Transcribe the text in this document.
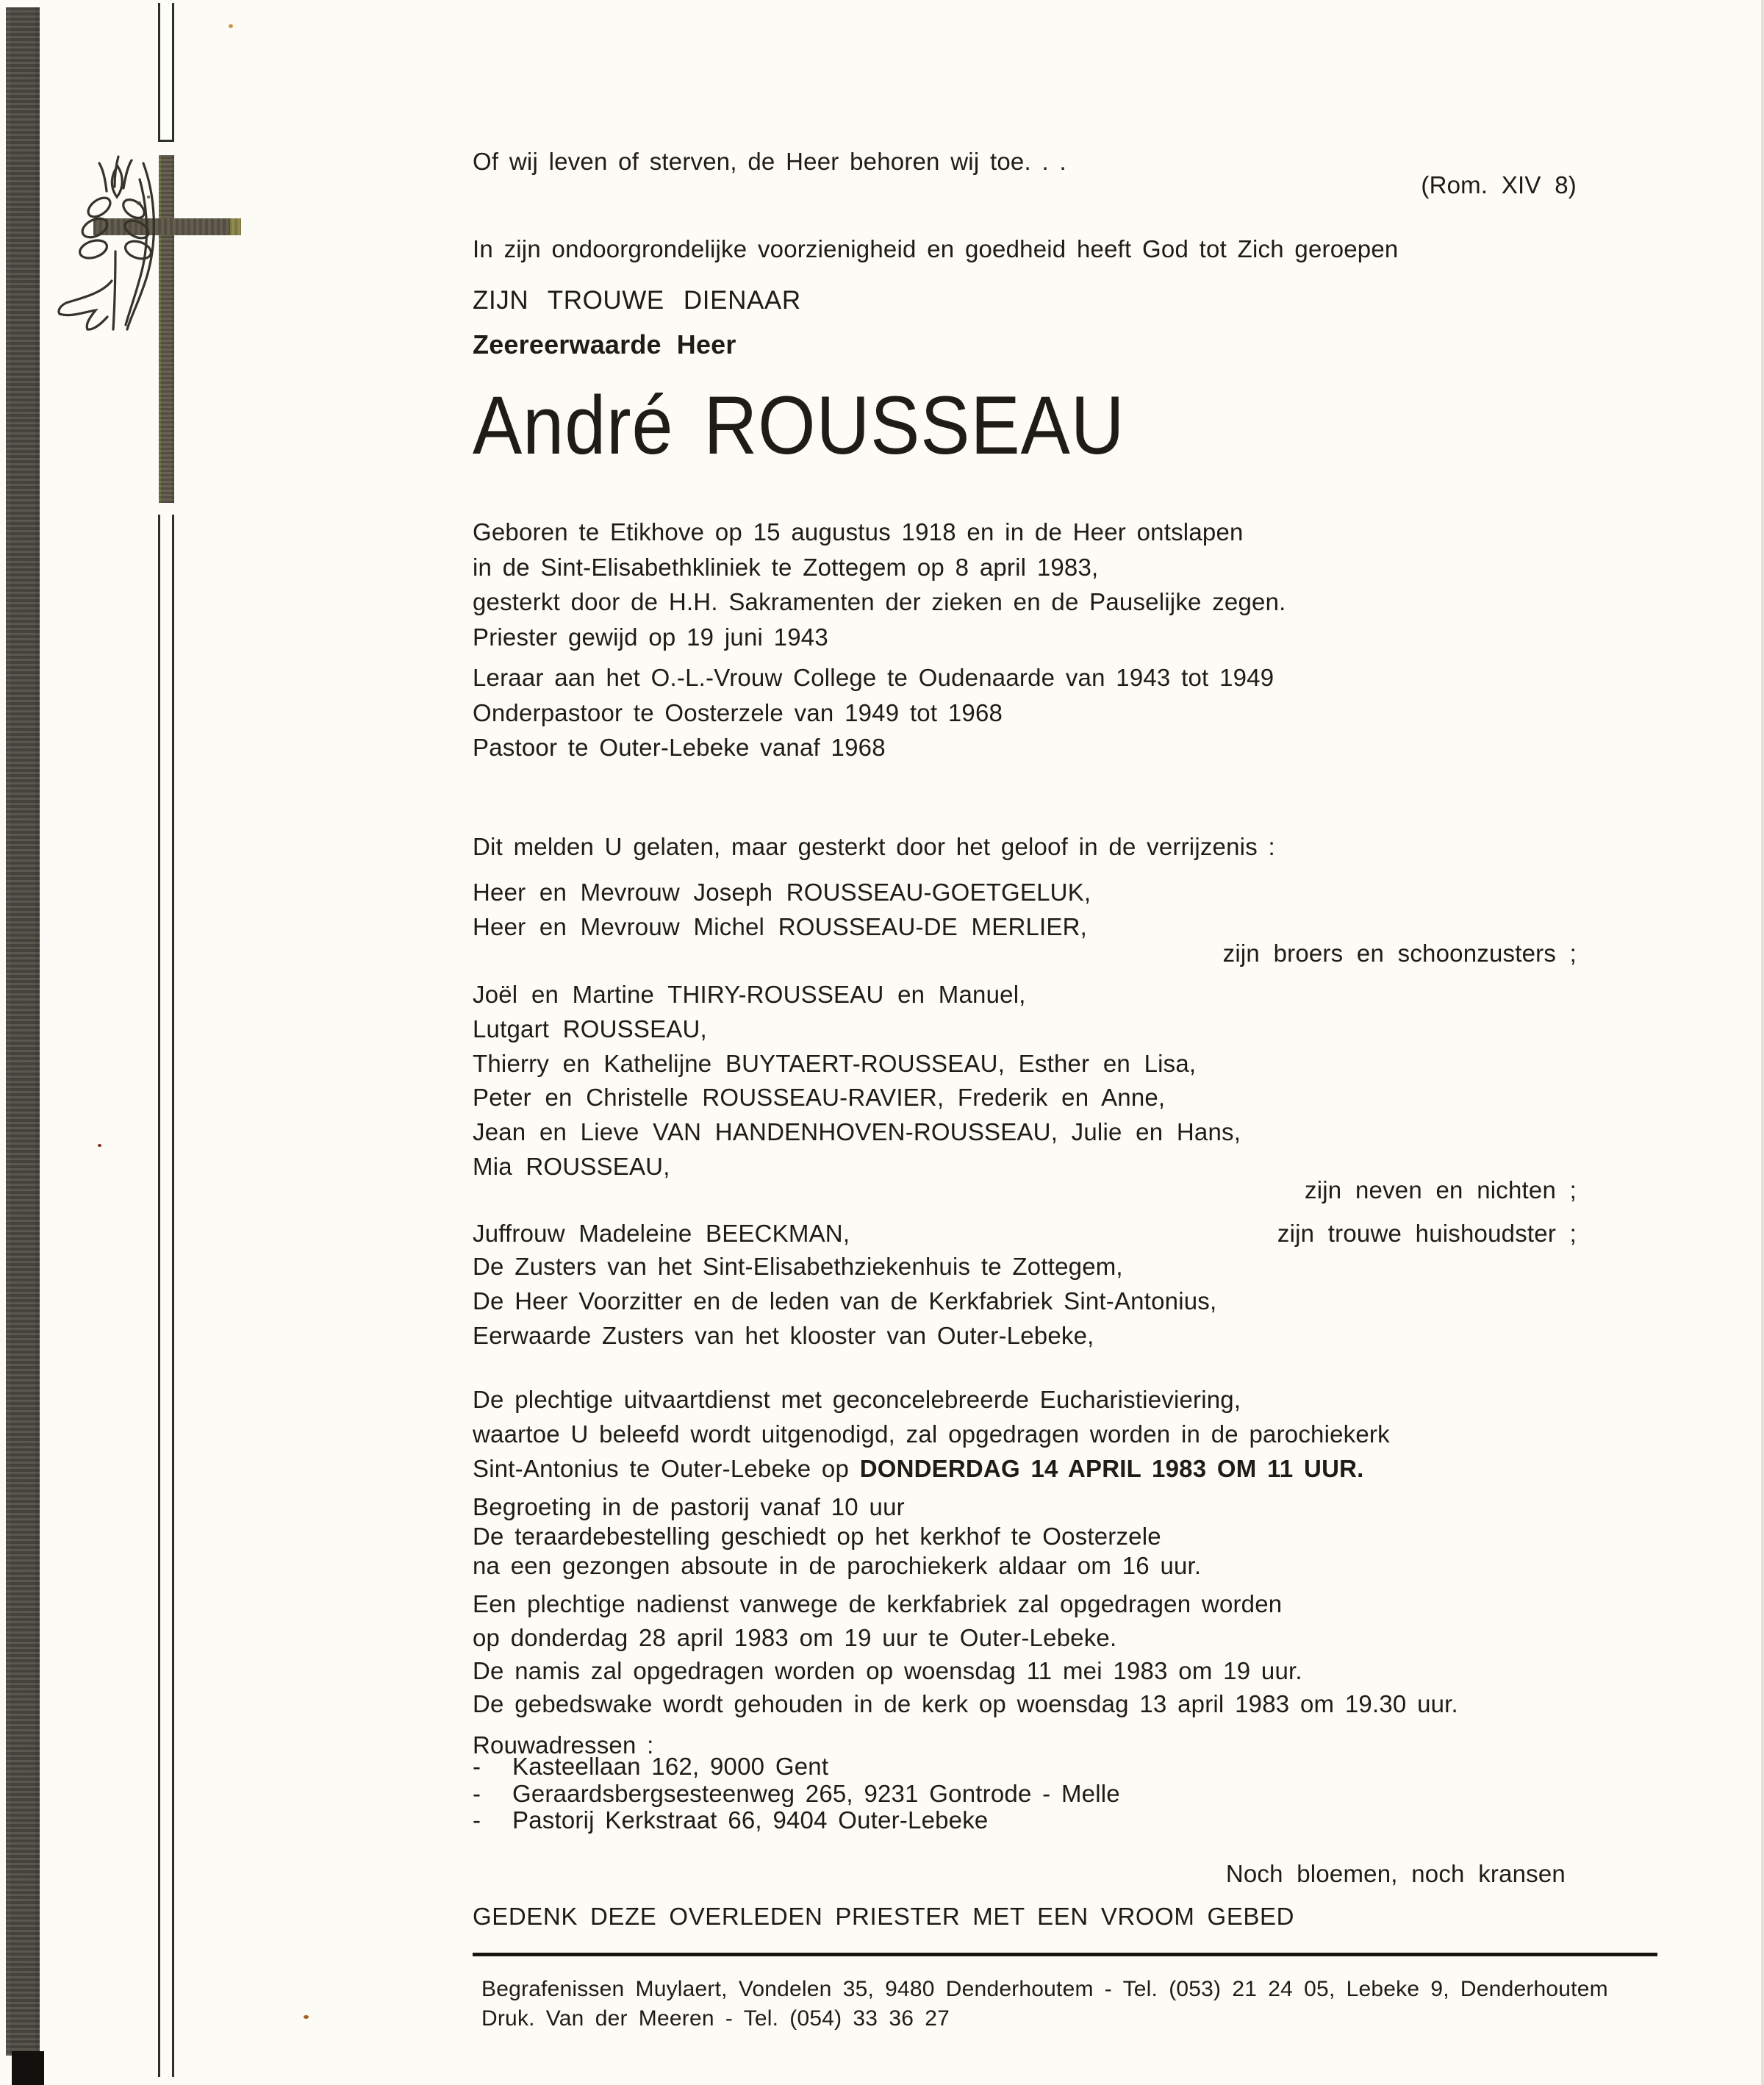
Of wij leven of sterven, de Heer behoren wij toe. . .
(Rom. XIV 8)
In zijn ondoorgrondelijke voorzienigheid en goedheid heeft God tot Zich geroepen
ZIJN TROUWE DIENAAR
Zeereerwaarde Heer
André ROUSSEAU
Geboren te Etikhove op 15 augustus 1918 en in de Heer ontslapen
in de Sint-Elisabethkliniek te Zottegem op 8 april 1983,
gesterkt door de H.H. Sakramenten der zieken en de Pauselijke zegen.
Priester gewijd op 19 juni 1943
Leraar aan het O.-L.-Vrouw College te Oudenaarde van 1943 tot 1949
Onderpastoor te Oosterzele van 1949 tot 1968
Pastoor te Outer-Lebeke vanaf 1968
Dit melden U gelaten, maar gesterkt door het geloof in de verrijzenis :
Heer en Mevrouw Joseph ROUSSEAU-GOETGELUK,
Heer en Mevrouw Michel ROUSSEAU-DE MERLIER,
zijn broers en schoonzusters ;
Joël en Martine THIRY-ROUSSEAU en Manuel,
Lutgart ROUSSEAU,
Thierry en Kathelijne BUYTAERT-ROUSSEAU, Esther en Lisa,
Peter en Christelle ROUSSEAU-RAVIER, Frederik en Anne,
Jean en Lieve VAN HANDENHOVEN-ROUSSEAU, Julie en Hans,
Mia ROUSSEAU,
zijn neven en nichten ;
Juffrouw Madeleine BEECKMAN,	zijn trouwe huishoudster ;
De Zusters van het Sint-Elisabethziekenhuis te Zottegem,
De Heer Voorzitter en de leden van de Kerkfabriek Sint-Antonius,
Eerwaarde Zusters van het klooster van Outer-Lebeke,
De plechtige uitvaartdienst met geconcelebreerde Eucharistieviering,
waartoe U beleefd wordt uitgenodigd, zal opgedragen worden in de parochiekerk
Sint-Antonius te Outer-Lebeke op DONDERDAG 14 APRIL 1983 OM 11 UUR.
Begroeting in de pastorij vanaf 10 uur
De teraardebestelling geschiedt op het kerkhof te Oosterzele
na een gezongen absoute in de parochiekerk aldaar om 16 uur.
Een plechtige nadienst vanwege de kerkfabriek zal opgedragen worden
op donderdag 28 april 1983 om 19 uur te Outer-Lebeke.
De namis zal opgedragen worden op woensdag 11 mei 1983 om 19 uur.
De gebedswake wordt gehouden in de kerk op woensdag 13 april 1983 om 19.30 uur.
Rouwadressen :
-	Kasteellaan 162, 9000 Gent
-	Geraardsbergsesteenweg 265, 9231 Gontrode - Melle
-	Pastorij Kerkstraat 66, 9404 Outer-Lebeke
Noch bloemen, noch kransen
GEDENK DEZE OVERLEDEN PRIESTER MET EEN VROOM GEBED
Begrafenissen Muylaert, Vondelen 35, 9480 Denderhoutem - Tel. (053) 21 24 05, Lebeke 9, Denderhoutem
Druk. Van der Meeren - Tel. (054) 33 36 27
